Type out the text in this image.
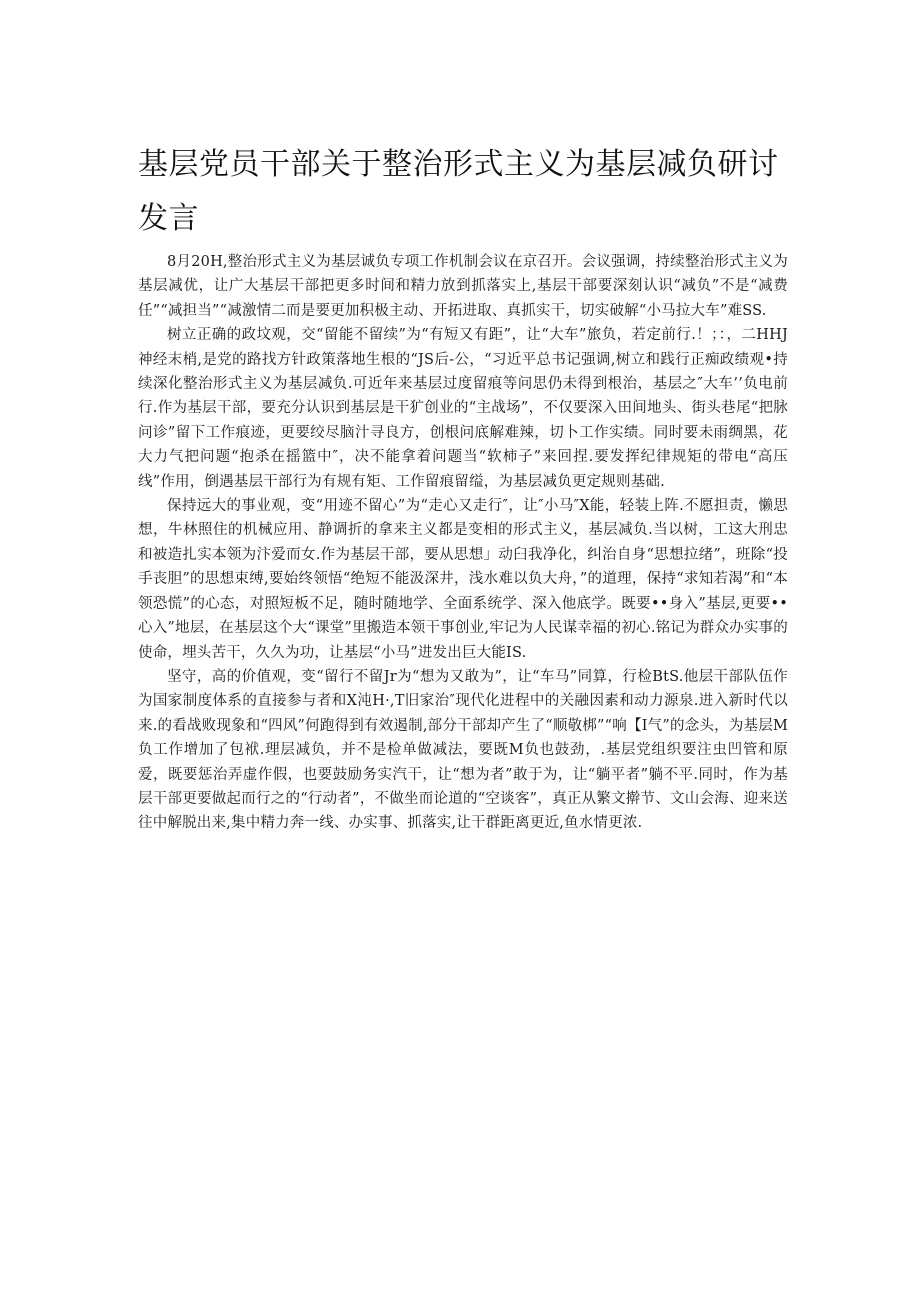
基层党员干部关于整治形式主义为基层减负研讨发言

8月20H,整治形式主义为基层诚负专项工作机制会议在京召开。会议强调，持续整治形式主义为基层减优，让广大基层干部把更多时间和精力放到抓落实上,基层干部要深刻认识“减负”不是“减费任”“减担当”“减激情二而是要更加积极主动、开拓进取、真抓实干，切实破解“小马拉大车”难SS.

树立正确的政坟观，交“留能不留续”为“有短又有距”，让“大车”旅负，若定前行.！；：，二HHJ神经末梢,是党的路找方针政策落地生根的“JS后-公，“习近平总书记强调,树立和践行正痴政绩观•持续深化整治形式主义为基层减负.可近年来基层过度留痕等问思仍未得到根治，基层之″大车’’负电前行.作为基层干部，要充分认识到基层是干犷创业的“主战场”，不仅要深入田间地头、街头巷尾“把脉问诊”留下工作痕迹，更要绞尽脑汁寻良方，创根问底解难辣，切卜工作实绩。同时要未雨绸黑，花大力气把问题“抱杀在摇篮中″，决不能拿着问题当“软柿子”来回捏.要发挥纪律规矩的带电“高压线”作用，倒遇基层干部行为有规有矩、工作留痕留缢，为基层减负更定规则基础.

保持远大的事业观，变“用迹不留心”为“走心又走行″，让″小马″X能，轻装上阵.不愿担责，懒思想，牛林照住的机械应用、静调折的拿来主义都是变相的形式主义，基层减负.当以树，工这大刑忠和被造扎实本领为汴爱而女.作为基层干部，要从思想」动臼我净化，纠治自身“思想拉绪”，班除“投手丧胆”的思想束缚,要始终领悟“绝短不能汲深井，浅水难以负大舟，”的道理，保持“求知若渴”和“本领恐慌”的心态，对照短板不足，随时随地学、全面系统学、深入他底学。既要••身入”基层,更要••心入”地层，在基层这个大“课堂”里搬造本领干事创业,牢记为人民谋幸福的初心.铭记为群众办实事的使命，埋头苦干，久久为功，让基层“小马”进发出巨大能IS.

坚守，高的价值观，变“留行不留Jr为“想为又敢为”，让“车马”同算，行检BtS.他层干部队伍作为国家制度体系的直接参与者和X沌H·,T旧家治″现代化进程中的关融因素和动力源泉.进入新时代以来.的看战败现象和“四风”何跑得到有效遏制,部分干部却产生了“顺敬梆”“响【I气”的念头，为基层M负工作增加了包袱.理层减负，并不是检单做减法，要既M负也鼓劲，.基层党组织要注虫凹管和原爱，既要惩治弄虚作假，也要鼓励务实汽干，让“想为者”敢于为，让“躺平者”躺不平.同时，作为基层干部更要做起而行之的“行动者”，不做坐而论道的“空谈客”，真正从繁文擀节、文山会海、迎来送往中解脱出来,集中精力奔一线、办实事、抓落实,让干群距离更近,鱼水情更浓.
